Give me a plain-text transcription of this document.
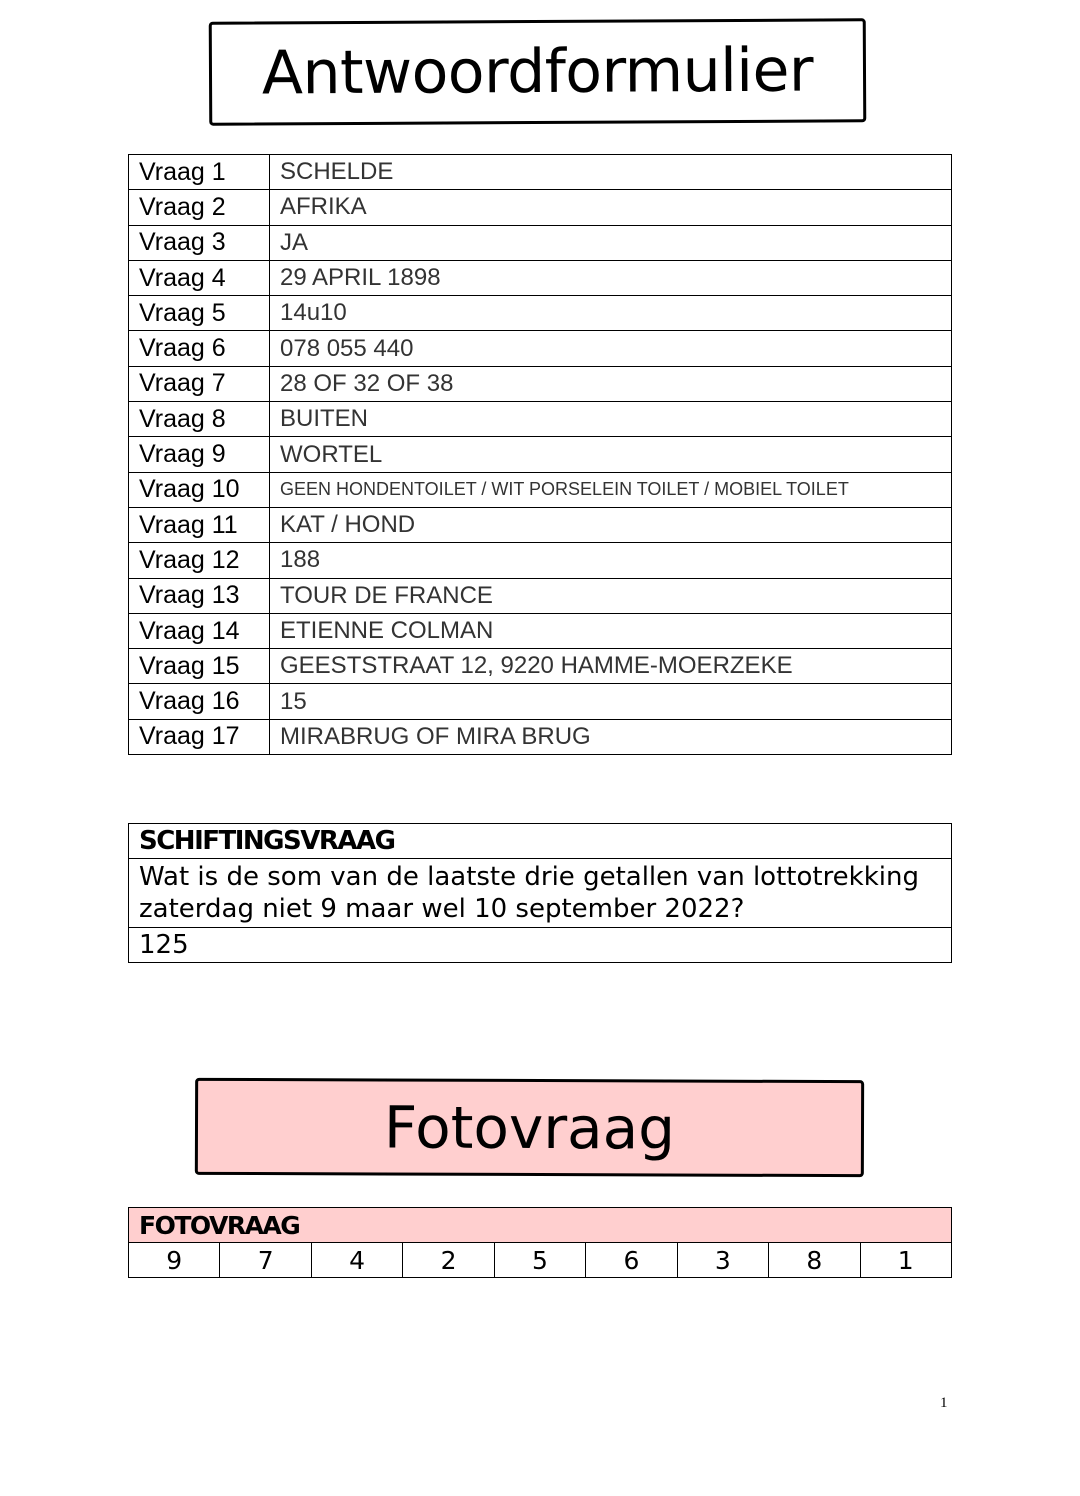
Antwoordformulier
Vraag 1	SCHELDE
Vraag 2	AFRIKA
Vraag 3	JA
Vraag 4	29 APRIL 1898
Vraag 5	14u10
Vraag 6	078 055 440
Vraag 7	28 OF 32 OF 38
Vraag 8	BUITEN
Vraag 9	WORTEL
Vraag 10	GEEN HONDENTOILET / WIT PORSELEIN TOILET / MOBIEL TOILET
Vraag 11	KAT / HOND
Vraag 12	188
Vraag 13	TOUR DE FRANCE
Vraag 14	ETIENNE COLMAN
Vraag 15	GEESTSTRAAT 12, 9220 HAMME-MOERZEKE
Vraag 16	15
Vraag 17	MIRABRUG OF MIRA BRUG
SCHIFTINGSVRAAG
Wat is de som van de laatste drie getallen van lottotrekking zaterdag niet 9 maar wel 10 september 2022?
125
Fotovraag
FOTOVRAAG
9	7	4	2	5	6	3	8	1
1
